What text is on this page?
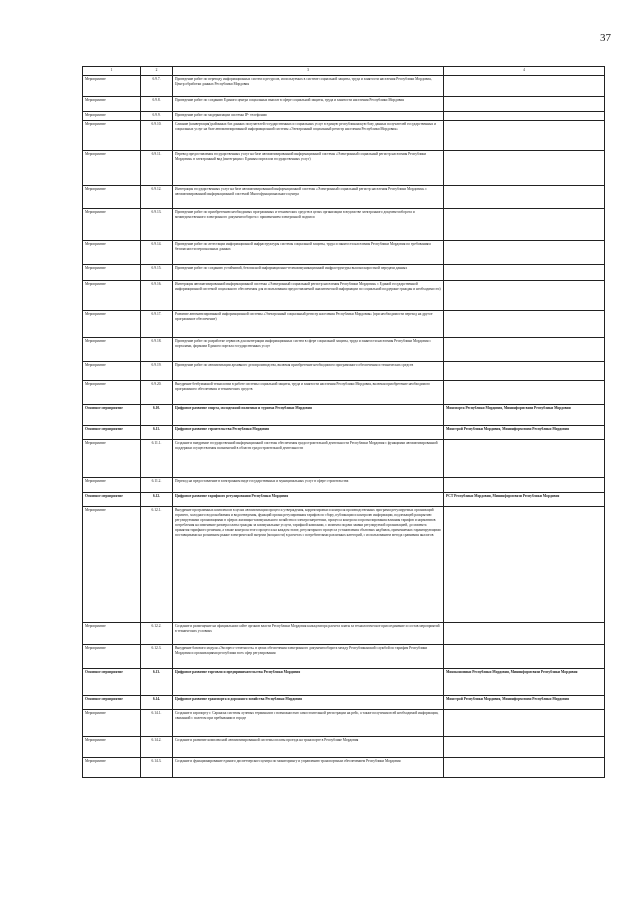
37
1	2	3	4
Мероприятие	6.9.7.	Проведение работ по переводу информационных систем и ресурсов, используемых в системе социальной защиты, труда и занятости населения Республики Мордовия, Центр обработки данных Республики Мордовия	
Мероприятие	6.9.8.	Проведение работ по созданию Единого центра социальных выплат в сфере социальной защиты, труда и занятости населения Республики Мордовия	
Мероприятие	6.9.9.	Проведение работ по модернизации системы IP- телефонии	
Мероприятие	6.9.10.	Слияние (конвертация) районных баз данных получателей государственных и социальных услуг в единую республиканскую базу данных получателей государственных и социальных услуг на базе автоматизированной информационной системы «Электронный социальный регистр населения Республики Мордовия»	
Мероприятие	6.9.11.	Перевод предоставления государственных услуг на базе автоматизированной информационной системы «Электронный социальный регистр населения Республики Мордовия» в электронный вид (интеграция с Единым порталом государственных услуг)	
Мероприятие	6.9.12.	Интеграция государственных услуг на базе автоматизированной информационной системы «Электронный социальный регистр населения Республики Мордовия» с автоматизированной информационной системой Многофункционального центра	
Мероприятие	6.9.13.	Проведение работ по приобретению необходимых программных и технических средств в целях организации в ведомстве электронного документооборота и межведомственного электронного документооборота с применением электронной подписи	
Мероприятие	6.9.14.	Проведение работ по аттестации информационной инфраструктуры системы социальной защиты, труда и занятости населения Республики Мордовия по требованиям безопасности персональных данных	
Мероприятие	6.9.15.	Проведение работ по созданию устойчивой, безопасной информационно-телекоммуникационной инфраструктуры высокоскоростной передачи данных	
Мероприятие	6.9.16.	Интеграция автоматизированной информационной системы «Электронный социальный регистр населения Республики Мордовия» с Единой государственной информационной системой социального обеспечения для использования предоставляемой аналитической информации по социальной поддержке граждан и необходимости)	
Мероприятие	6.9.17.	Развитие автоматизированной информационной системы «Электронный социальный регистр населения Республики Мордовия» (при необходимости переход на другое программное обеспечение)	
Мероприятие	6.9.18.	Проведение работ по разработке сервисов для интеграции информационных систем в сфере социальной защиты, труда и занятости населения Республики Мордовия с порталами, формами Единого портала государственных услуг	
Мероприятие	6.9.19.	Проведение работ по автоматизации архивного делопроизводства, включая приобретение необходимого программного обеспечения и технических средств	
Мероприятие	6.9.20.	Внедрение безбумажной технологии в работе системы социальной защиты, труда и занятости населения Республики Мордовия, включая приобретение необходимого программного обеспечения и технических средств	
Основное мероприятие	6.10.	Цифровое развитие спорта, молодежной политики и туризма Республики Мордовия	Минспорта Республики Мордовия, Мининформсвязи Республики Мордовия
Основное мероприятие	6.11.	Цифровое развитие строительства Республики Мордовия	Минстрой Республики Мордовия, Мининформсвязи Республики Мордовия
Мероприятие	6.11.1.	Создание и внедрение государственной информационной системы обеспечения градостроительной деятельности Республики Мордовия с функциями автоматизированной поддержки осуществления полномочий в области градостроительной деятельности	
Мероприятие	6.11.2.	Переход на предоставление в электронном виде государственных и муниципальных услуг в сфере строительства	
Основное мероприятие	6.12.	Цифровое развитие тарифного регулирования Республики Мордовия	РСТ Республики Мордовия, Мининформсвязи Республики Мордовия
Мероприятие	6.12.1.	Внедрение программных комплексов в целях автоматизации процесса утверждения, корректировки и контроля производственных программ регулируемых организаций горячего, холодного водоснабжения и водоотведения, функций органа регулирования тарифов по сбору, публикации и контролю информации, подлежащей раскрытию регулируемыми организациями в сферах жилищно-коммунального хозяйства и электроэнергетики, процесса контроля и прогнозирования влияния тарифов и нормативов потребления на изменение размера платы граждан за коммунальные услуги, тарифной кампании, с момента подачи заявки регулируемой организацией, до момента принятия тарифного решения, а также контроля этого процесса на каждом этапе, регуляторного процесса установления сбытовых надбавок, применяемых гарантирующими поставщиками на розничном рынке электрической энергии (мощности) в расчетах с потребителями различных категорий, с использованием метода сравнения аналогов	
Мероприятие	6.12.2.	Создание и размещение на официальном сайте органов власти Республики Мордовия калькулятора расчета платы за технологическое присоединение и состав мероприятий в технических условиях	
Мероприятие	6.12.3.	Внедрение базового модуля «Экспресс-отчетность» в целях обеспечения электронного документооборота между Республиканской службой по тарифам Республики Мордовия и организациями республики всех сфер регулирования	
Основное мероприятие	6.13.	Цифровое развитие торговли и предпринимательства Республики Мордовия	Минэкономики Республики Мордовия, Мининформсвязи Республики Мордовия
Основное мероприятие	6.14.	Цифровое развитие транспорта и дорожного хозяйства Республики Мордовия	Минстрой Республики Мордовия, Мининформсвязи Республики Мордовия
Мероприятие	6.14.1.	Создание в аэропорту г. Саранска системы лучевых терминалов с возможностью самостоятельной регистрации на рейс, а также получения всей необходимой информации, связанной с полетом при пребывании в городе	
Мероприятие	6.14.2.	Создание и развитие комплексной автоматизированной системы оплаты проезда на транспорте в Республике Мордовия	
Мероприятие	6.14.3.	Создание и функционирование единого диспетчерского центра по мониторингу и управлению транспортным обеспечением Республики Мордовия	
